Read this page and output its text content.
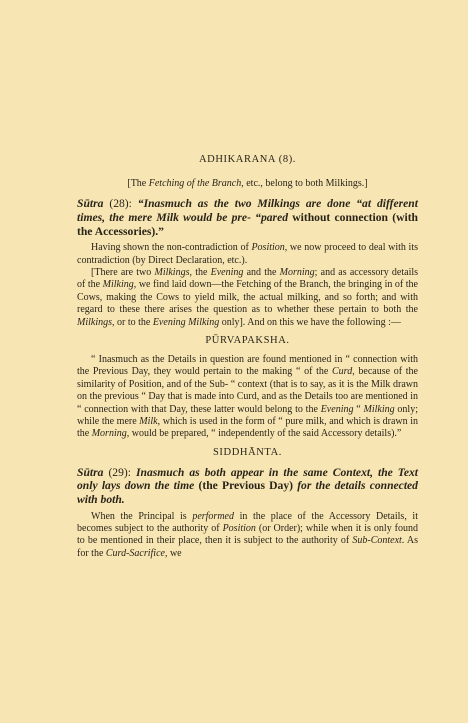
ADHIKARANA (8).
[The Fetching of the Branch, etc., belong to both Milkings.]
Sūtra (28): “Inasmuch as the two Milkings are done “at different times, the mere Milk would be pre- “pared without connection (with the Accessories).”

Having shown the non-contradiction of Position, we now proceed to deal with its contradiction (by Direct Declaration, etc.).

[There are two Milkings, the Evening and the Morning; and as accessory details of the Milking, we find laid down—the Fetching of the Branch, the bringing in of the Cows, making the Cows to yield milk, the actual milking, and so forth; and with regard to these there arises the question as to whether these pertain to both the Milkings, or to the Evening Milking only]. And on this we have the following :—

PŪRVAPAKSHA.

“ Inasmuch as the Details in question are found mentioned in “ connection with the Previous Day, they would pertain to the making “ of the Curd, because of the similarity of Position, and of the Sub- “ context (that is to say, as it is the Milk drawn on the previous “ Day that is made into Curd, and as the Details too are mentioned in “ connection with that Day, these latter would belong to the Evening “ Milking only; while the mere Milk, which is used in the form of “ pure milk, and which is drawn in the Morning, would be prepared, “ independently of the said Accessory details).”

SIDDHĀNTA.
Sūtra (29): Inasmuch as both appear in the same Context, the Text only lays down the time (the Previous Day) for the details connected with both.

When the Principal is performed in the place of the Accessory Details, it becomes subject to the authority of Position (or Order); while when it is only found to be mentioned in their place, then it is subject to the authority of Sub-Context. As for the Curd-Sacrifice, we
